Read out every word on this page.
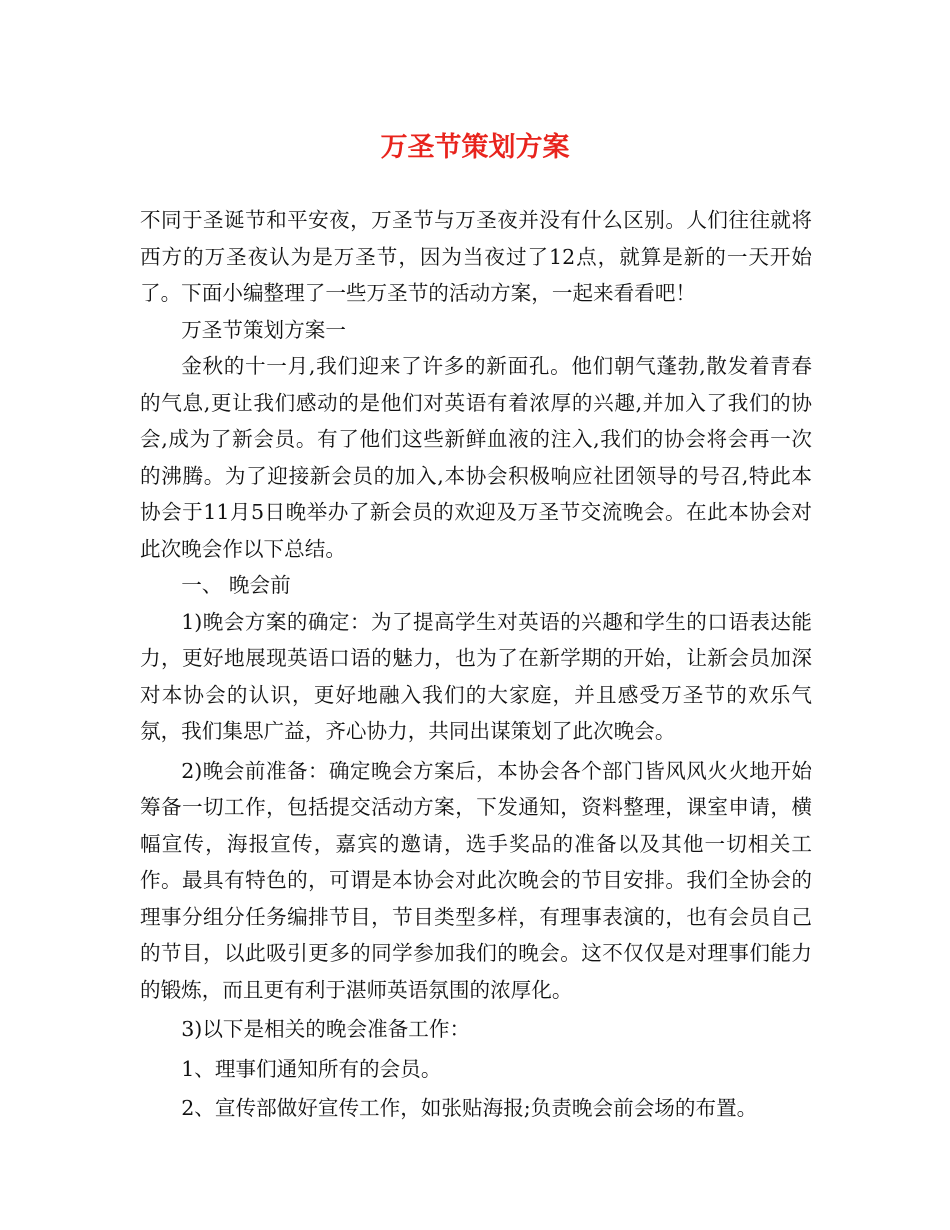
万圣节策划方案

不同于圣诞节和平安夜，万圣节与万圣夜并没有什么区别。人们往往就将西方的万圣夜认为是万圣节，因为当夜过了12点，就算是新的一天开始了。下面小编整理了一些万圣节的活动方案，一起来看看吧！

万圣节策划方案一

金秋的十一月,我们迎来了许多的新面孔。他们朝气蓬勃,散发着青春的气息,更让我们感动的是他们对英语有着浓厚的兴趣,并加入了我们的协会,成为了新会员。有了他们这些新鲜血液的注入,我们的协会将会再一次的沸腾。为了迎接新会员的加入,本协会积极响应社团领导的号召,特此本协会于11月5日晚举办了新会员的欢迎及万圣节交流晚会。在此本协会对此次晚会作以下总结。

一、 晚会前

1)晚会方案的确定：为了提高学生对英语的兴趣和学生的口语表达能力，更好地展现英语口语的魅力，也为了在新学期的开始，让新会员加深对本协会的认识，更好地融入我们的大家庭，并且感受万圣节的欢乐气氛，我们集思广益，齐心协力，共同出谋策划了此次晚会。

2)晚会前准备：确定晚会方案后，本协会各个部门皆风风火火地开始筹备一切工作，包括提交活动方案，下发通知，资料整理，课室申请，横幅宣传，海报宣传，嘉宾的邀请，选手奖品的准备以及其他一切相关工作。最具有特色的，可谓是本协会对此次晚会的节目安排。我们全协会的理事分组分任务编排节目，节目类型多样，有理事表演的，也有会员自己的节目，以此吸引更多的同学参加我们的晚会。这不仅仅是对理事们能力的锻炼，而且更有利于湛师英语氛围的浓厚化。

3)以下是相关的晚会准备工作：

1、理事们通知所有的会员。

2、宣传部做好宣传工作，如张贴海报;负责晚会前会场的布置。
